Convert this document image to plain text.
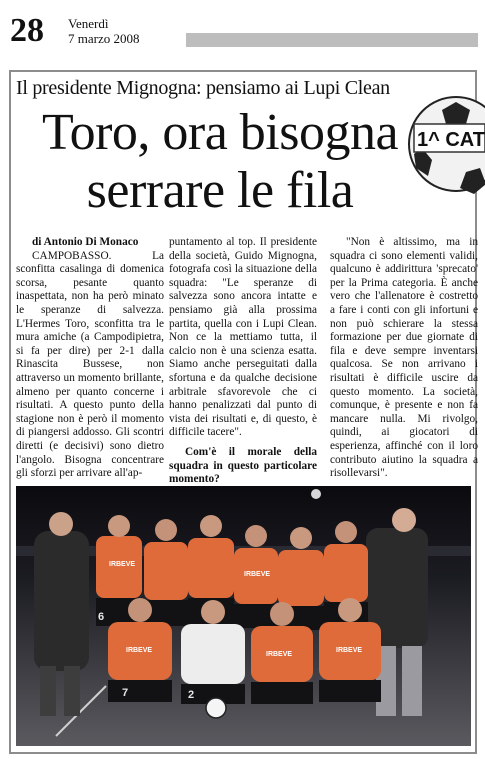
28 Venerdì
7 marzo 2008
Il presidente Mignogna: pensiamo ai Lupi Clean
Toro, ora bisogna
serrare le fila
1^ CAT

di Antonio Di Monaco

CAMPOBASSO. La sconfitta casalinga di domenica scorsa, pesante quanto inaspettata, non ha però minato le speranze di salvezza. L'Hermes Toro, sconfitta tra le mura amiche (a Campodipietra, si fa per dire) per 2-1 dalla Rinascita Bussese, non attraverso un momento brillante, almeno per quanto concerne i risultati. A questo punto della stagione non è però il momento di piangersi addosso. Gli scontri diretti (e decisivi) sono dietro l'angolo. Bisogna concentrare gli sforzi per arrivare all'ap-

puntamento al top. Il presidente della società, Guido Mignogna, fotografa così la situazione della squadra: "Le speranze di salvezza sono ancora intatte e pensiamo già alla prossima partita, quella con i Lupi Clean. Non ce la mettiamo tutta, il calcio non è una scienza esatta. Siamo anche perseguitati dalla sfortuna e da qualche decisione arbitrale sfavorevole che ci hanno penalizzati dal punto di vista dei risultati e, di questo, è difficile tacere".

Com'è il morale della squadra in questo particolare momento?

"Non è altissimo, ma in squadra ci sono elementi validi, qualcuno è addirittura 'sprecato' per la Prima categoria. È anche vero che l'allenatore è costretto a fare i conti con gli infortuni e non può schierare la stessa formazione per due giornate di fila e deve sempre inventarsi qualcosa. Se non arrivano i risultati è difficile uscire da questo momento. La società, comunque, è presente e non fa mancare nulla. Mi rivolgo, quindi, ai giocatori di esperienza, affinché con il loro contributo aiutino la squadra a risollevarsi".

IRBEVE
IRBEVE
IRBEVE
IRBEVE
IRBEVE
7
6
2
